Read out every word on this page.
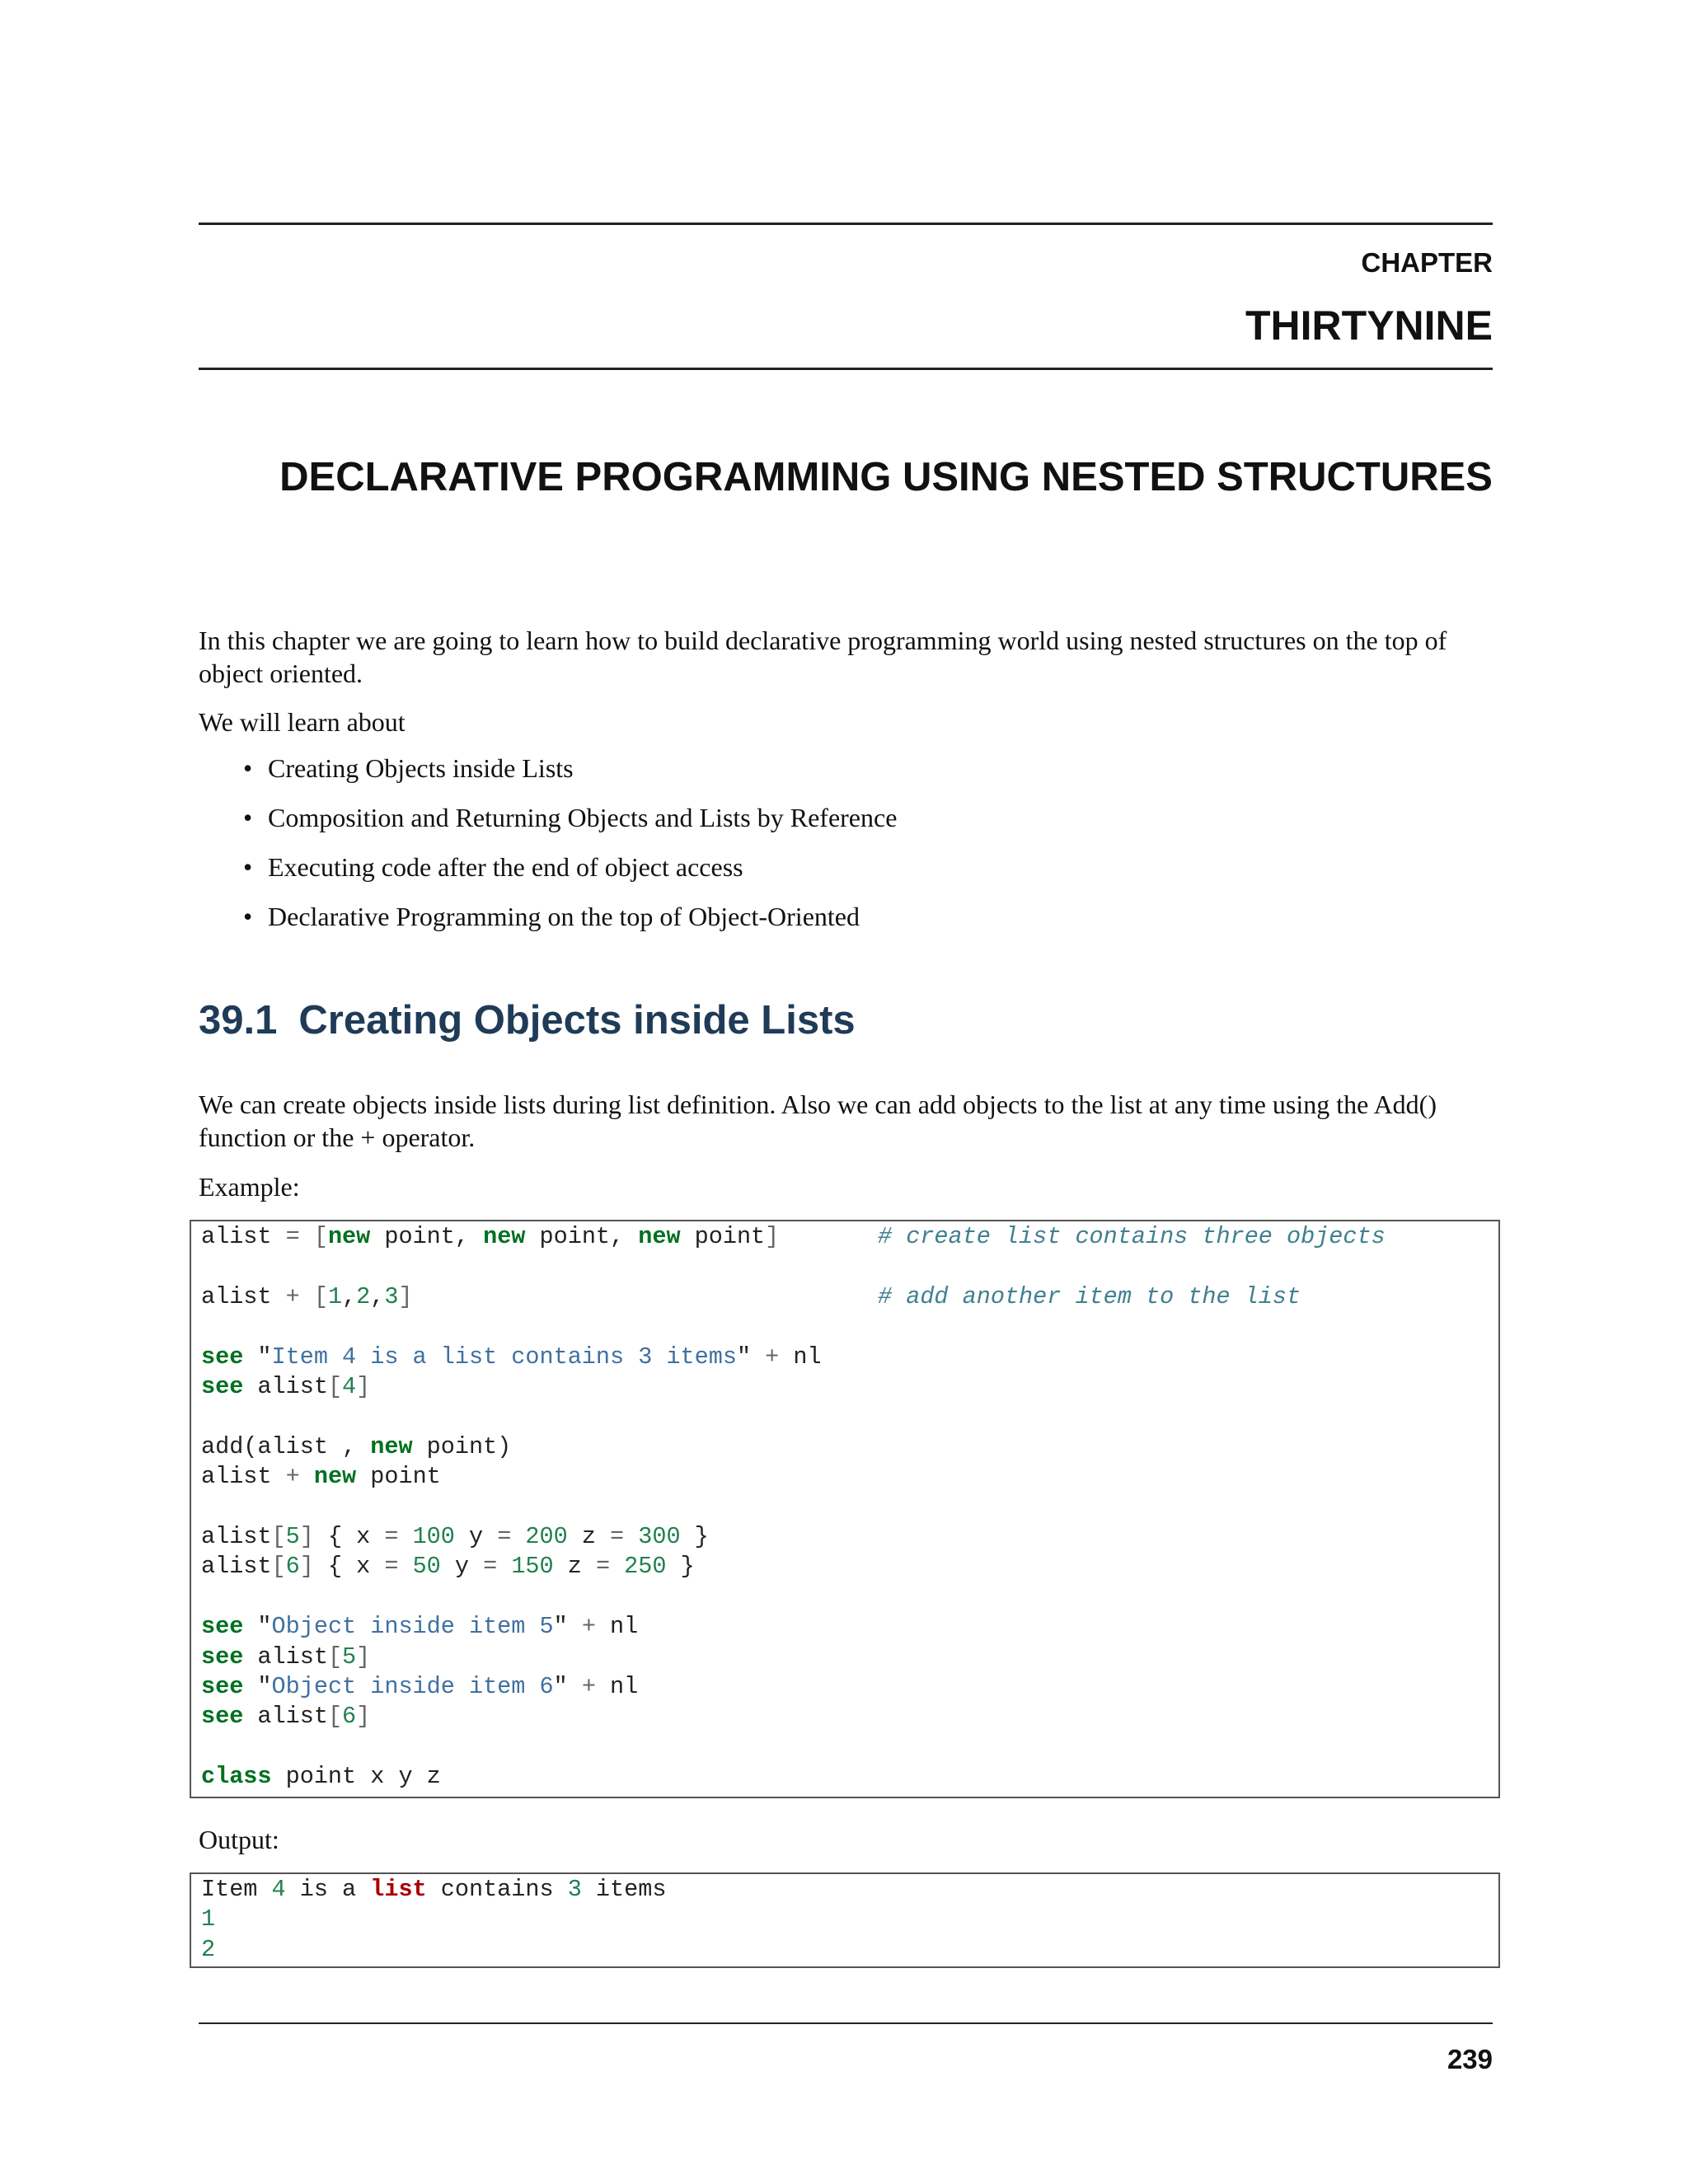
CHAPTER
THIRTYNINE
DECLARATIVE PROGRAMMING USING NESTED STRUCTURES

In this chapter we are going to learn how to build declarative programming world using nested structures on the top of object oriented.

We will learn about

• Creating Objects inside Lists
• Composition and Returning Objects and Lists by Reference
• Executing code after the end of object access
• Declarative Programming on the top of Object-Oriented
39.1 Creating Objects inside Lists

We can create objects inside lists during list definition. Also we can add objects to the list at any time using the Add() function or the + operator.

Example:

alist = [new point, new point, new point]	# create list contains three objects
alist + [1,2,3]	# add another item to the list
see "Item 4 is a list contains 3 items" + nl
see alist[4]
add(alist , new point)
alist + new point
alist[5] { x = 100 y = 200 z = 300 }
alist[6] { x = 50 y = 150 z = 250 }
see "Object inside item 5" + nl
see alist[5]
see "Object inside item 6" + nl
see alist[6]
class point x y z

Output:

Item 4 is a list contains 3 items
1
2
239
